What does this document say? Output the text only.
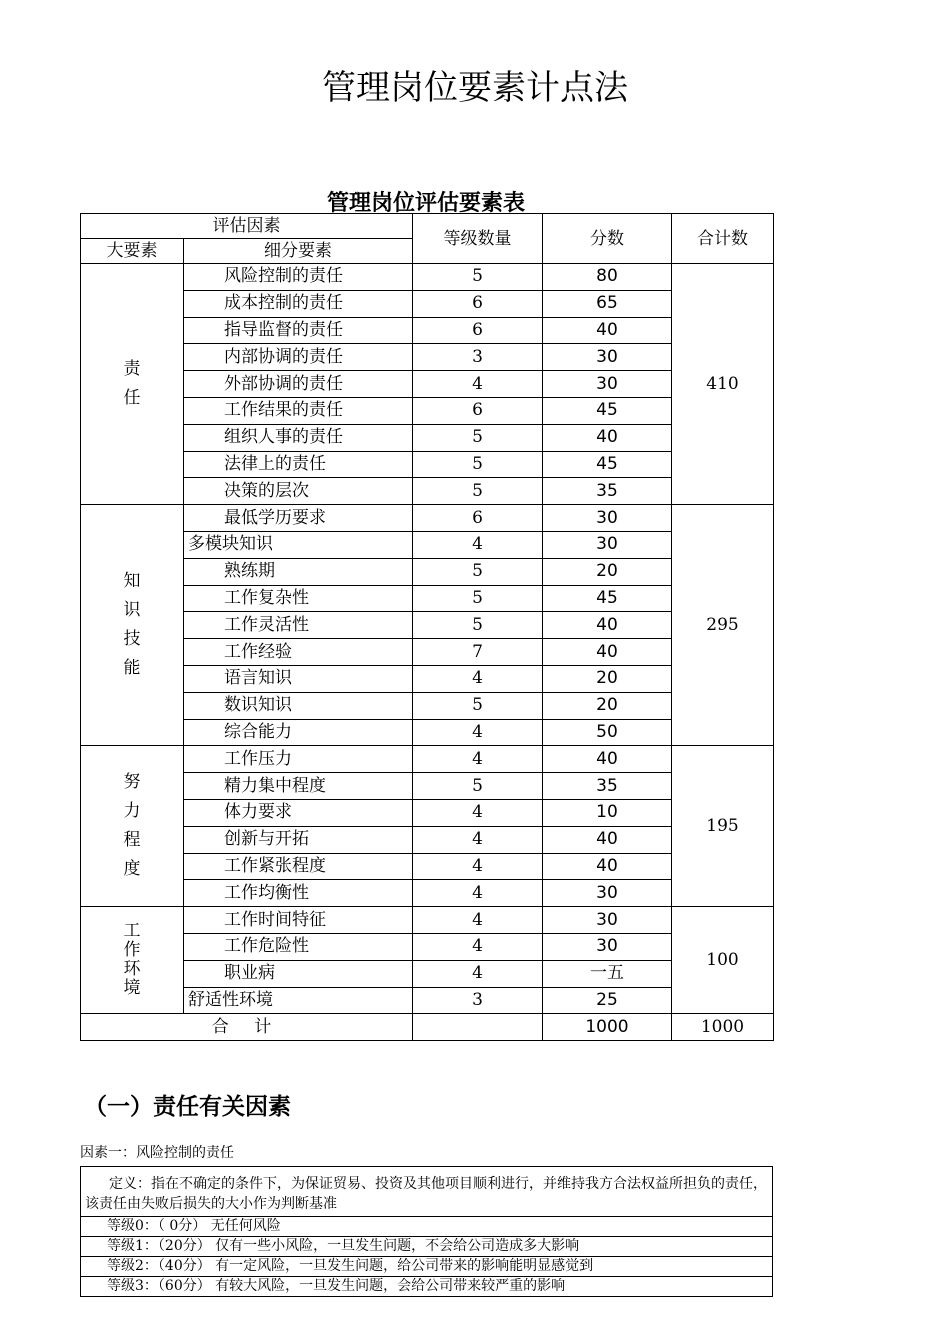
管理岗位要素计点法
管理岗位评估要素表
评估因素		等级数量	分数	合计数
大要素	细分要素			
责任	风险控制的责任	5	80	410
	成本控制的责任	6	65	
	指导监督的责任	6	40	
	内部协调的责任	3	30	
	外部协调的责任	4	30	
	工作结果的责任	6	45	
	组织人事的责任	5	40	
	法律上的责任	5	45	
	决策的层次	5	35	
知识技能	最低学历要求	6	30	295
	多模块知识	4	30	
	熟练期	5	20	
	工作复杂性	5	45	
	工作灵活性	5	40	
	工作经验	7	40	
	语言知识	4	20	
	数识知识	5	20	
	综合能力	4	50	
努力程度	工作压力	4	40	195
	精力集中程度	5	35	
	体力要求	4	10	
	创新与开拓	4	40	
	工作紧张程度	4	40	
	工作均衡性	4	30	
工作环境	工作时间特征	4	30	100
	工作危险性	4	30	
	职业病	4	一五	
	舒适性环境	3	25	
合 计			1000	1000
（一）责任有关因素
因素一：风险控制的责任
定义：指在不确定的条件下，为保证贸易、投资及其他项目顺利进行，并维持我方合法权益所担负的责任，该责任由失败后损失的大小作为判断基准
等级0：（ 0分） 无任何风险
等级1：（20分） 仅有一些小风险，一旦发生问题，不会给公司造成多大影响
等级2：（40分） 有一定风险，一旦发生问题，给公司带来的影响能明显感觉到
等级3：（60分） 有较大风险，一旦发生问题，会给公司带来较严重的影响
